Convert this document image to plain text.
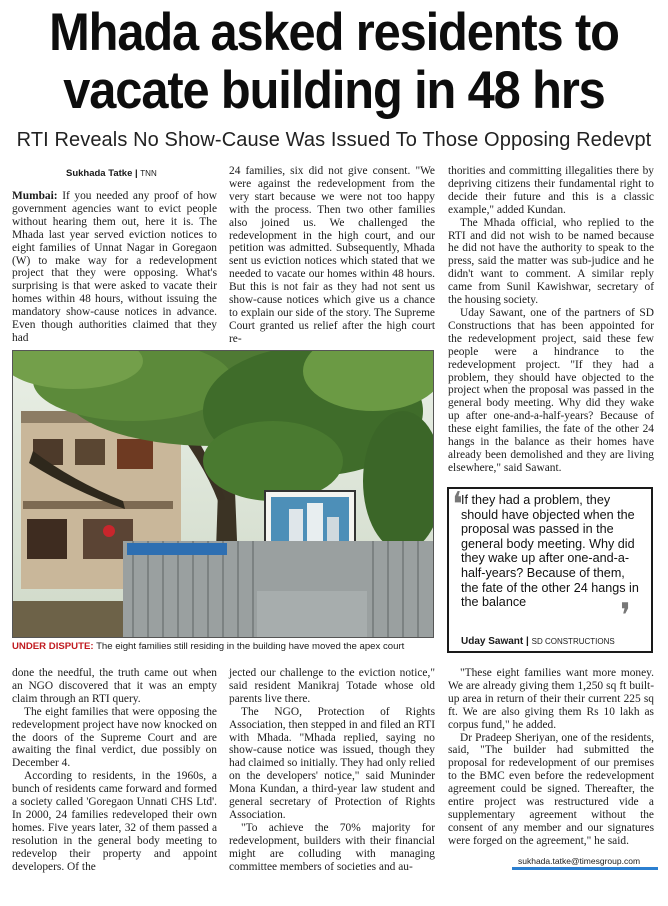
Mhada asked residents to vacate building in 48 hrs
RTI Reveals No Show-Cause Was Issued To Those Opposing Redevpt
Sukhada Tatke | TNN

Mumbai: If you needed any proof of how government agencies want to evict people without hearing them out, here it is. The Mhada last year served eviction notices to eight families of Unnat Nagar in Goregaon (W) to make way for a redevelopment project that they were opposing. What's surprising is that were asked to vacate their homes within 48 hours, without issuing the mandatory show-cause notices in advance. Even though authorities claimed that they had

24 families, six did not give consent. "We were against the redevelopment from the very start because we were not too happy with the process. Then two other families also joined us. We challenged the redevelopment in the high court, and our petition was admitted. Subsequently, Mhada sent us eviction notices which stated that we needed to vacate our homes within 48 hours. But this is not fair as they had not sent us show-cause notices which give us a chance to explain our side of the story. The Supreme Court granted us relief after the high court re-

thorities and committing illegalities there by depriving citizens their fundamental right to decide their future and this is a classic example," added Kundan.

The Mhada official, who replied to the RTI and did not wish to be named because he did not have the authority to speak to the press, said the matter was sub-judice and he didn't want to comment. A similar reply came from Sunil Kawishwar, secretary of the housing society.

Uday Sawant, one of the partners of SD Constructions that has been appointed for the redevelopment project, said these few people were a hindrance to the redevelopment project. "If they had a problem, they should have objected to the project when the proposal was passed in the general body meeting. Why did they wake up after one-and-a-half-years? Because of these eight families, the fate of the other 24 hangs in the balance as their homes have already been demolished and they are living elsewhere," said Sawant.

UNDER DISPUTE: The eight families still residing in the building have moved the apex court
❛
If they had a problem, they should have objected when the proposal was passed in the general body meeting. Why did they wake up after one-and-a-half-years? Because of them, the fate of the other 24 hangs in the balance	❜
Uday Sawant | SD CONSTRUCTIONS

done the needful, the truth came out when an NGO discovered that it was an empty claim through an RTI query.

The eight families that were opposing the redevelopment project have now knocked on the doors of the Supreme Court and are awaiting the final verdict, due possibly on December 4.

According to residents, in the 1960s, a bunch of residents came forward and formed a society called 'Goregaon Unnati CHS Ltd'. In 2000, 24 families redeveloped their own homes. Five years later, 32 of them passed a resolution in the general body meeting to redevelop their property and appoint developers. Of the

jected our challenge to the eviction notice," said resident Manikraj Totade whose old parents live there.

The NGO, Protection of Rights Association, then stepped in and filed an RTI with Mhada. "Mhada replied, saying no show-cause notice was issued, though they had claimed so initially. They had only relied on the developers' notice," said Muninder Mona Kundan, a third-year law student and general secretary of Protection of Rights Association.

"To achieve the 70% majority for redevelopment, builders with their financial might are colluding with managing committee members of societies and au-

"These eight families want more money. We are already giving them 1,250 sq ft built-up area in return of their their current 225 sq ft. We are also giving them Rs 10 lakh as corpus fund," he added.

Dr Pradeep Sheriyan, one of the residents, said, "The builder had submitted the proposal for redevelopment of our premises to the BMC even before the redevelopment agreement could be signed. Thereafter, the entire project was restructured vide a supplementary agreement without the consent of any member and our signatures were forged on the agreement," he said.

sukhada.tatke@timesgroup.com
